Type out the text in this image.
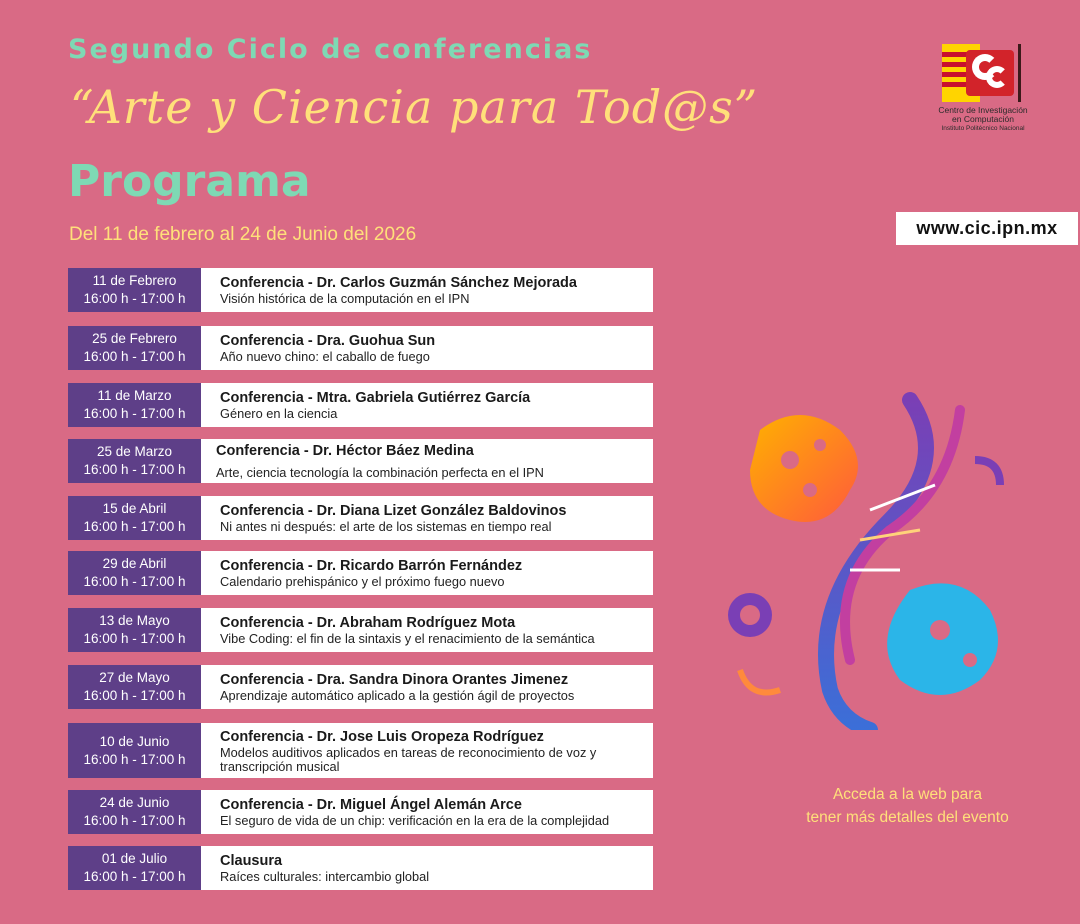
Segundo Ciclo de conferencias
“Arte y Ciencia para Tod@s”
Programa
Del 11 de febrero al 24 de Junio del 2026
Centro de Investigación
en Computación
Instituto Politécnico Nacional
www.cic.ipn.mx
11 de Febrero
16:00 h - 17:00 h
Conferencia - Dr. Carlos Guzmán Sánchez Mejorada
Visión histórica de la computación en el IPN
25 de Febrero
16:00 h - 17:00 h
Conferencia - Dra. Guohua Sun
Año nuevo chino: el caballo de fuego
11 de Marzo
16:00 h - 17:00 h
Conferencia - Mtra. Gabriela Gutiérrez García
Género en la ciencia
25 de Marzo
16:00 h - 17:00 h
Conferencia - Dr. Héctor Báez Medina
Arte, ciencia tecnología la combinación perfecta en el IPN
15 de Abril
16:00 h - 17:00 h
Conferencia - Dr. Diana Lizet González Baldovinos
Ni antes ni después: el arte de los sistemas en tiempo real
29 de Abril
16:00 h - 17:00 h
Conferencia - Dr. Ricardo Barrón Fernández
Calendario prehispánico y el próximo fuego nuevo
13 de Mayo
16:00 h - 17:00 h
Conferencia - Dr. Abraham Rodríguez Mota
Vibe Coding: el fin de la sintaxis y el renacimiento de la semántica
27 de Mayo
16:00 h - 17:00 h
Conferencia - Dra. Sandra Dinora Orantes Jimenez
Aprendizaje automático aplicado a la gestión ágil de proyectos
10 de Junio
16:00 h - 17:00 h
Conferencia - Dr. Jose Luis Oropeza Rodríguez
Modelos auditivos aplicados en tareas de reconocimiento de voz y transcripción musical
24 de Junio
16:00 h - 17:00 h
Conferencia - Dr. Miguel Ángel Alemán Arce
El seguro de vida de un chip: verificación en la era de la complejidad
01 de Julio
16:00 h - 17:00 h
Clausura
Raíces culturales: intercambio global
Acceda a la web para
tener más detalles del evento
